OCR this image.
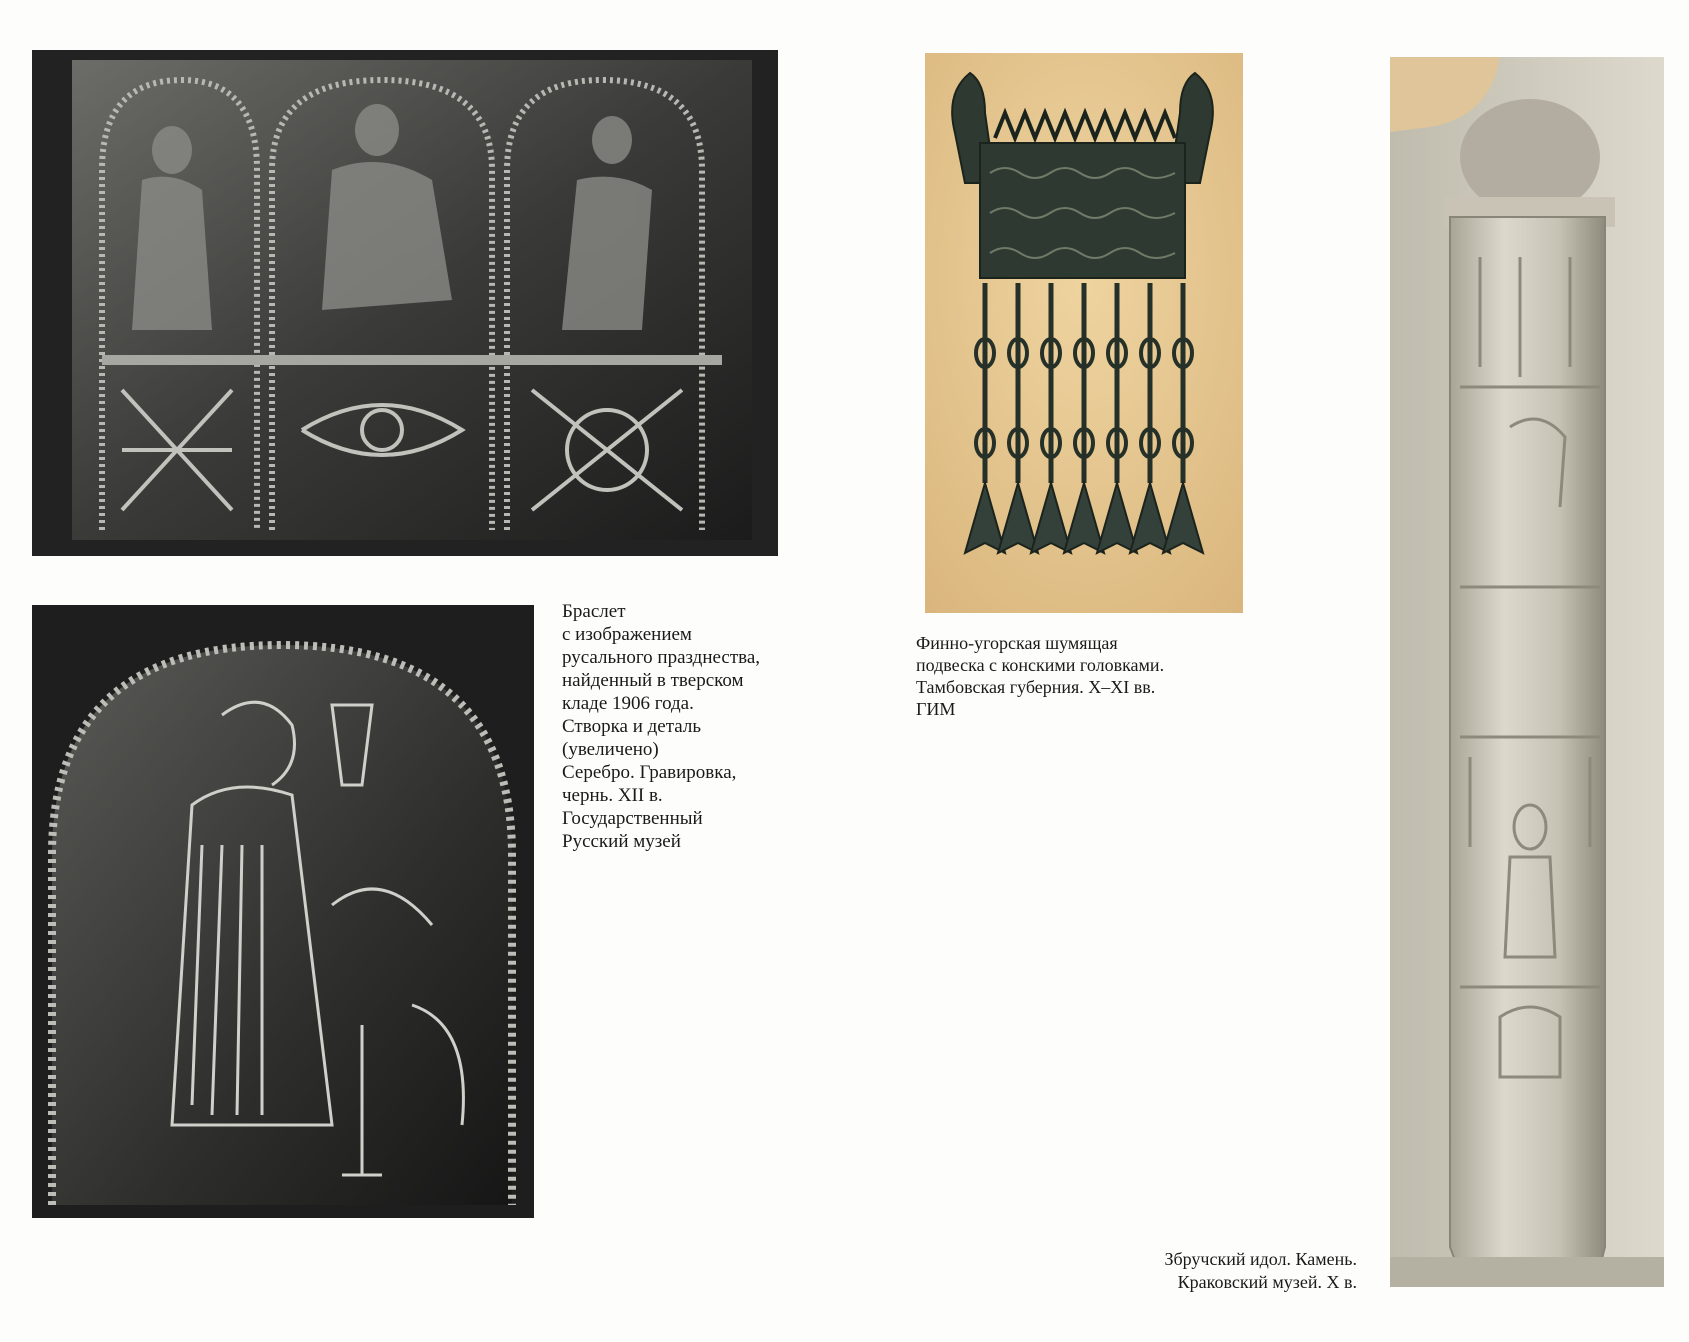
Браслет
с изображением
русального празднества,
найденный в тверском
кладе 1906 года.
Створка и деталь
(увеличено)
Серебро. Гравировка,
чернь. XII в.
Государственный
Русский музей
Финно-угорская шумящая
подвеска с конскими головками.
Тамбовская губерния. X–XI вв.
ГИМ
Збручский идол. Камень.
Краковский музей. X в.
